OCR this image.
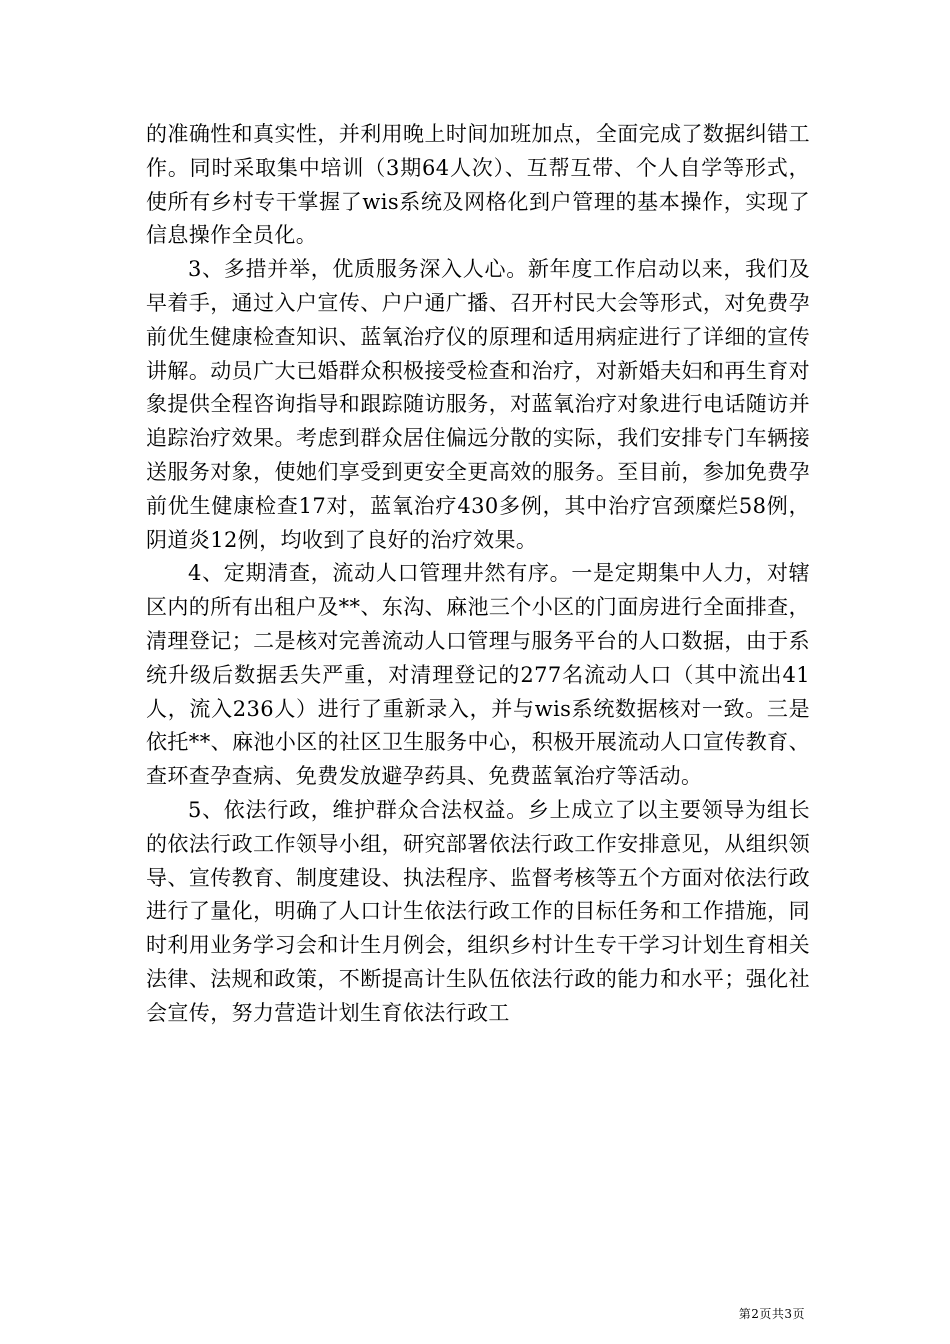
的准确性和真实性，并利用晚上时间加班加点，全面完成了数据纠错工作。同时采取集中培训（3期64人次）、互帮互带、个人自学等形式，使所有乡村专干掌握了wis系统及网格化到户管理的基本操作，实现了信息操作全员化。

3、多措并举，优质服务深入人心。新年度工作启动以来，我们及早着手，通过入户宣传、户户通广播、召开村民大会等形式，对免费孕前优生健康检查知识、蓝氧治疗仪的原理和适用病症进行了详细的宣传讲解。动员广大已婚群众积极接受检查和治疗，对新婚夫妇和再生育对象提供全程咨询指导和跟踪随访服务，对蓝氧治疗对象进行电话随访并追踪治疗效果。考虑到群众居住偏远分散的实际，我们安排专门车辆接送服务对象，使她们享受到更安全更高效的服务。至目前，参加免费孕前优生健康检查17对，蓝氧治疗430多例，其中治疗宫颈糜烂58例，阴道炎12例，均收到了良好的治疗效果。

4、定期清查，流动人口管理井然有序。一是定期集中人力，对辖区内的所有出租户及**、东沟、麻池三个小区的门面房进行全面排查，清理登记；二是核对完善流动人口管理与服务平台的人口数据，由于系统升级后数据丢失严重，对清理登记的277名流动人口（其中流出41人，流入236人）进行了重新录入，并与wis系统数据核对一致。三是依托**、麻池小区的社区卫生服务中心，积极开展流动人口宣传教育、查环查孕查病、免费发放避孕药具、免费蓝氧治疗等活动。

5、依法行政，维护群众合法权益。乡上成立了以主要领导为组长的依法行政工作领导小组，研究部署依法行政工作安排意见，从组织领导、宣传教育、制度建设、执法程序、监督考核等五个方面对依法行政进行了量化，明确了人口计生依法行政工作的目标任务和工作措施，同时利用业务学习会和计生月例会，组织乡村计生专干学习计划生育相关法律、法规和政策，不断提高计生队伍依法行政的能力和水平；强化社会宣传，努力营造计划生育依法行政工

第2页共3页
